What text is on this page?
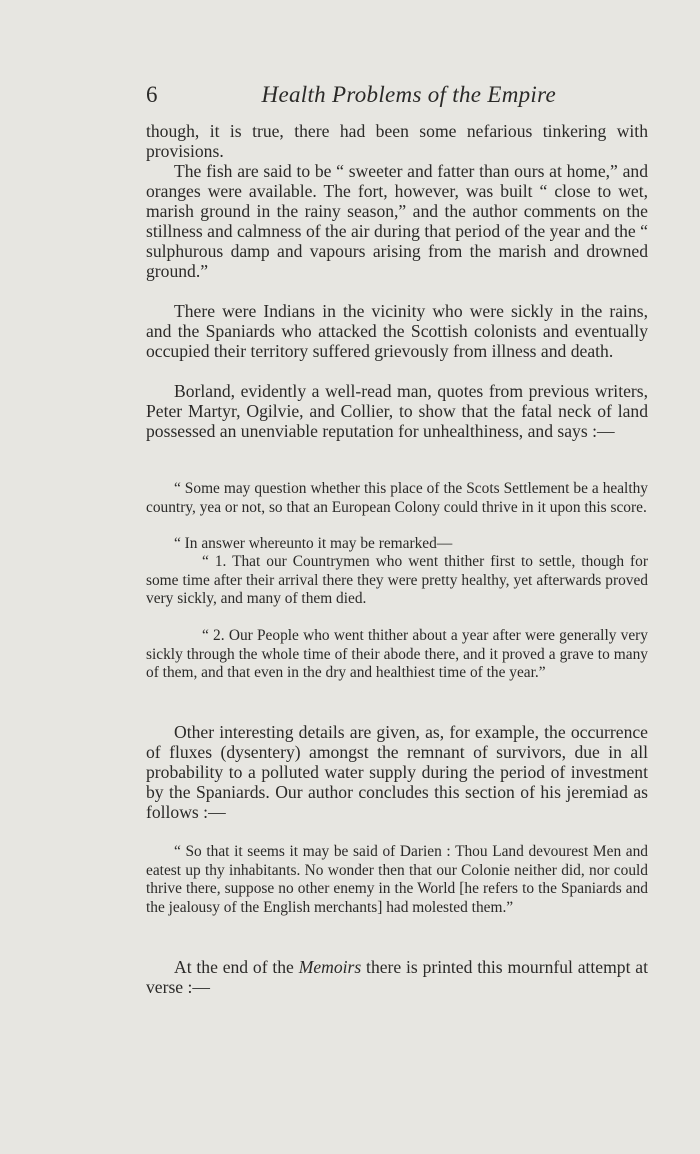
6	Health Problems of the Empire

though, it is true, there had been some nefarious tinkering with provisions.

The fish are said to be “ sweeter and fatter than ours at home,” and oranges were available. The fort, however, was built “ close to wet, marish ground in the rainy season,” and the author comments on the stillness and calmness of the air during that period of the year and the “ sulphurous damp and vapours arising from the marish and drowned ground.”

There were Indians in the vicinity who were sickly in the rains, and the Spaniards who attacked the Scottish colonists and eventually occupied their territory suffered grievously from illness and death.

Borland, evidently a well-read man, quotes from previous writers, Peter Martyr, Ogilvie, and Collier, to show that the fatal neck of land possessed an unenviable reputation for unhealthiness, and says :—

“ Some may question whether this place of the Scots Settlement be a healthy country, yea or not, so that an European Colony could thrive in it upon this score.

“ In answer whereunto it may be remarked—

“ 1. That our Countrymen who went thither first to settle, though for some time after their arrival there they were pretty healthy, yet afterwards proved very sickly, and many of them died.

“ 2. Our People who went thither about a year after were generally very sickly through the whole time of their abode there, and it proved a grave to many of them, and that even in the dry and healthiest time of the year.”

Other interesting details are given, as, for example, the occurrence of fluxes (dysentery) amongst the remnant of survivors, due in all probability to a polluted water supply during the period of investment by the Spaniards. Our author concludes this section of his jeremiad as follows :—

“ So that it seems it may be said of Darien : Thou Land devourest Men and eatest up thy inhabitants. No wonder then that our Colonie neither did, nor could thrive there, suppose no other enemy in the World [he refers to the Spaniards and the jealousy of the English merchants] had molested them.”

At the end of the Memoirs there is printed this mournful attempt at verse :—
